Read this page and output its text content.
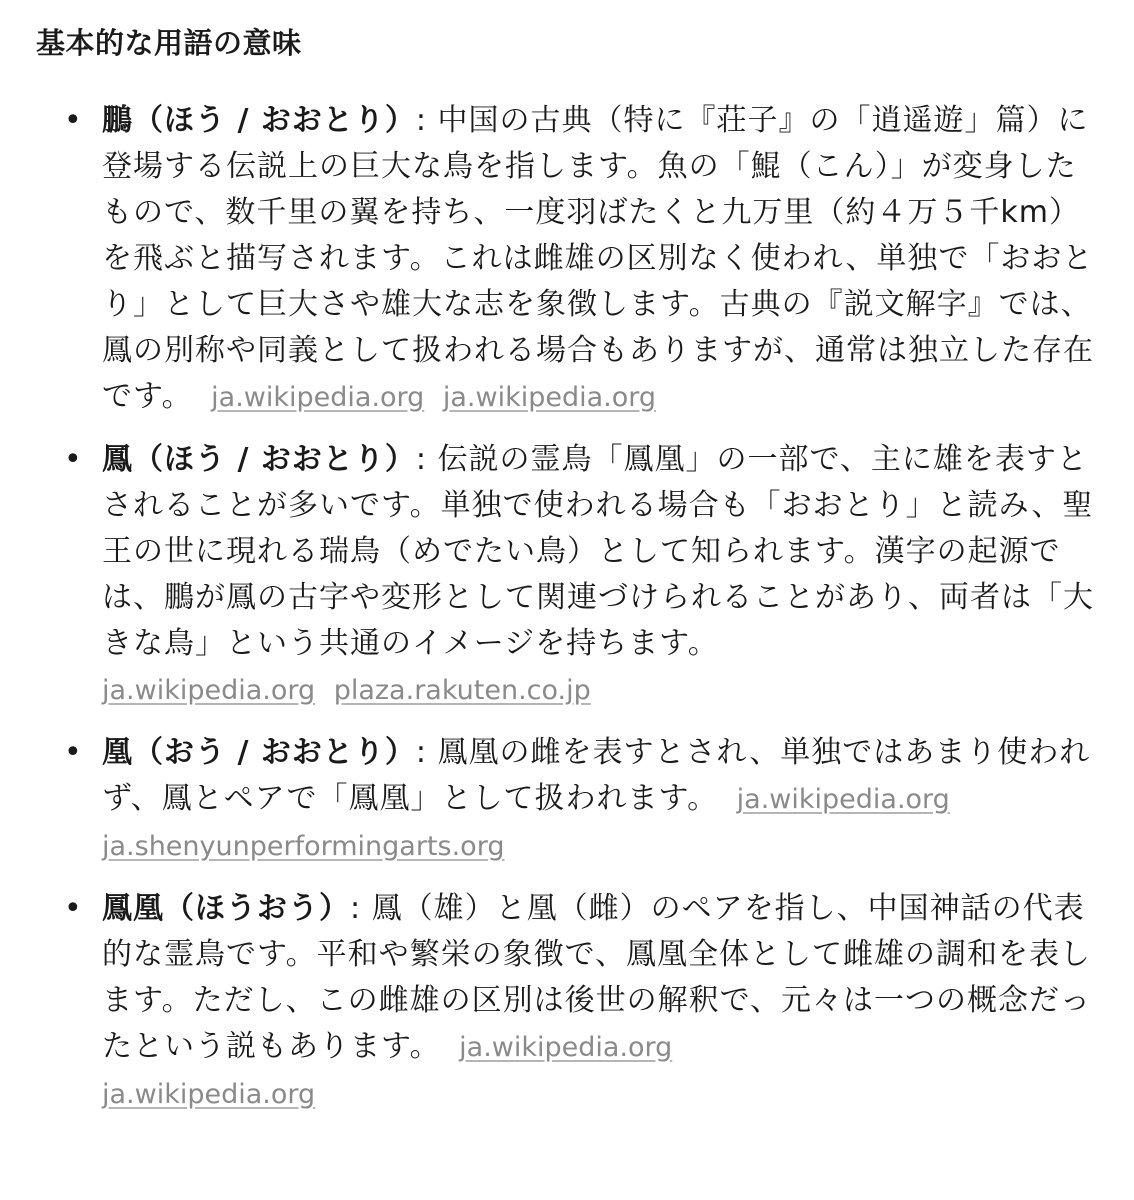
基本的な用語の意味
• 鵬（ほう / おおとり）: 中国の古典（特に『荘子』の「逍遥遊」篇）に登場する伝説上の巨大な鳥を指します。魚の「鯤（こん）」が変身したもので、数千里の翼を持ち、一度羽ばたくと九万里（約４万５千km）を飛ぶと描写されます。これは雌雄の区別なく使われ、単独で「おおとり」として巨大さや雄大な志を象徴します。古典の『説文解字』では、鳳の別称や同義として扱われる場合もありますが、通常は独立した存在です。 ja.wikipedia.org ja.wikipedia.org
• 鳳（ほう / おおとり）: 伝説の霊鳥「鳳凰」の一部で、主に雄を表すとされることが多いです。単独で使われる場合も「おおとり」と読み、聖王の世に現れる瑞鳥（めでたい鳥）として知られます。漢字の起源では、鵬が鳳の古字や変形として関連づけられることがあり、両者は「大きな鳥」という共通のイメージを持ちます。
ja.wikipedia.org plaza.rakuten.co.jp
• 凰（おう / おおとり）: 鳳凰の雌を表すとされ、単独ではあまり使われず、鳳とペアで「鳳凰」として扱われます。 ja.wikipedia.org
ja.shenyunperformingarts.org
• 鳳凰（ほうおう）: 鳳（雄）と凰（雌）のペアを指し、中国神話の代表的な霊鳥です。平和や繁栄の象徴で、鳳凰全体として雌雄の調和を表します。ただし、この雌雄の区別は後世の解釈で、元々は一つの概念だったという説もあります。 ja.wikipedia.org
ja.wikipedia.org
